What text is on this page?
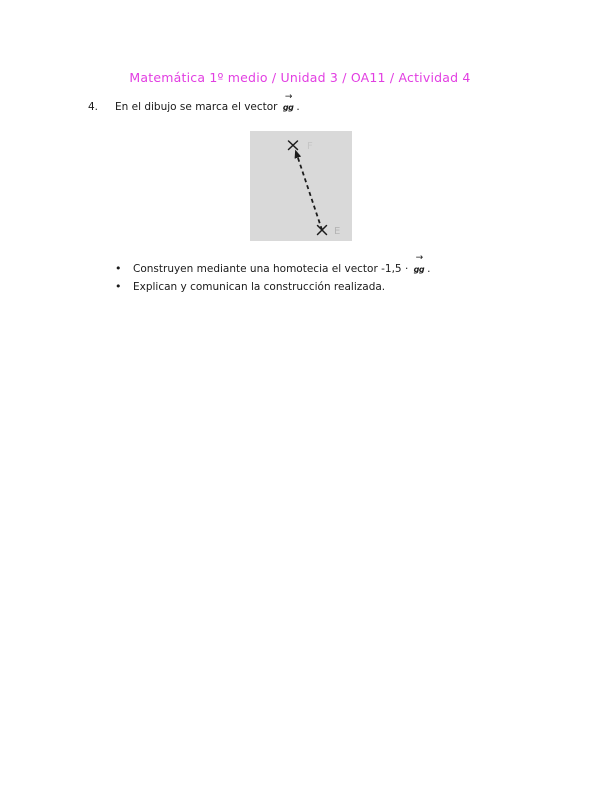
Matemática 1º medio / Unidad 3 / OA11 / Actividad 4
4. En el dibujo se marca el vector
→
gg .
F
E
• Construyen mediante una homotecia el vector -1,5 ·
→
gg .
• Explican y comunican la construcción realizada.
